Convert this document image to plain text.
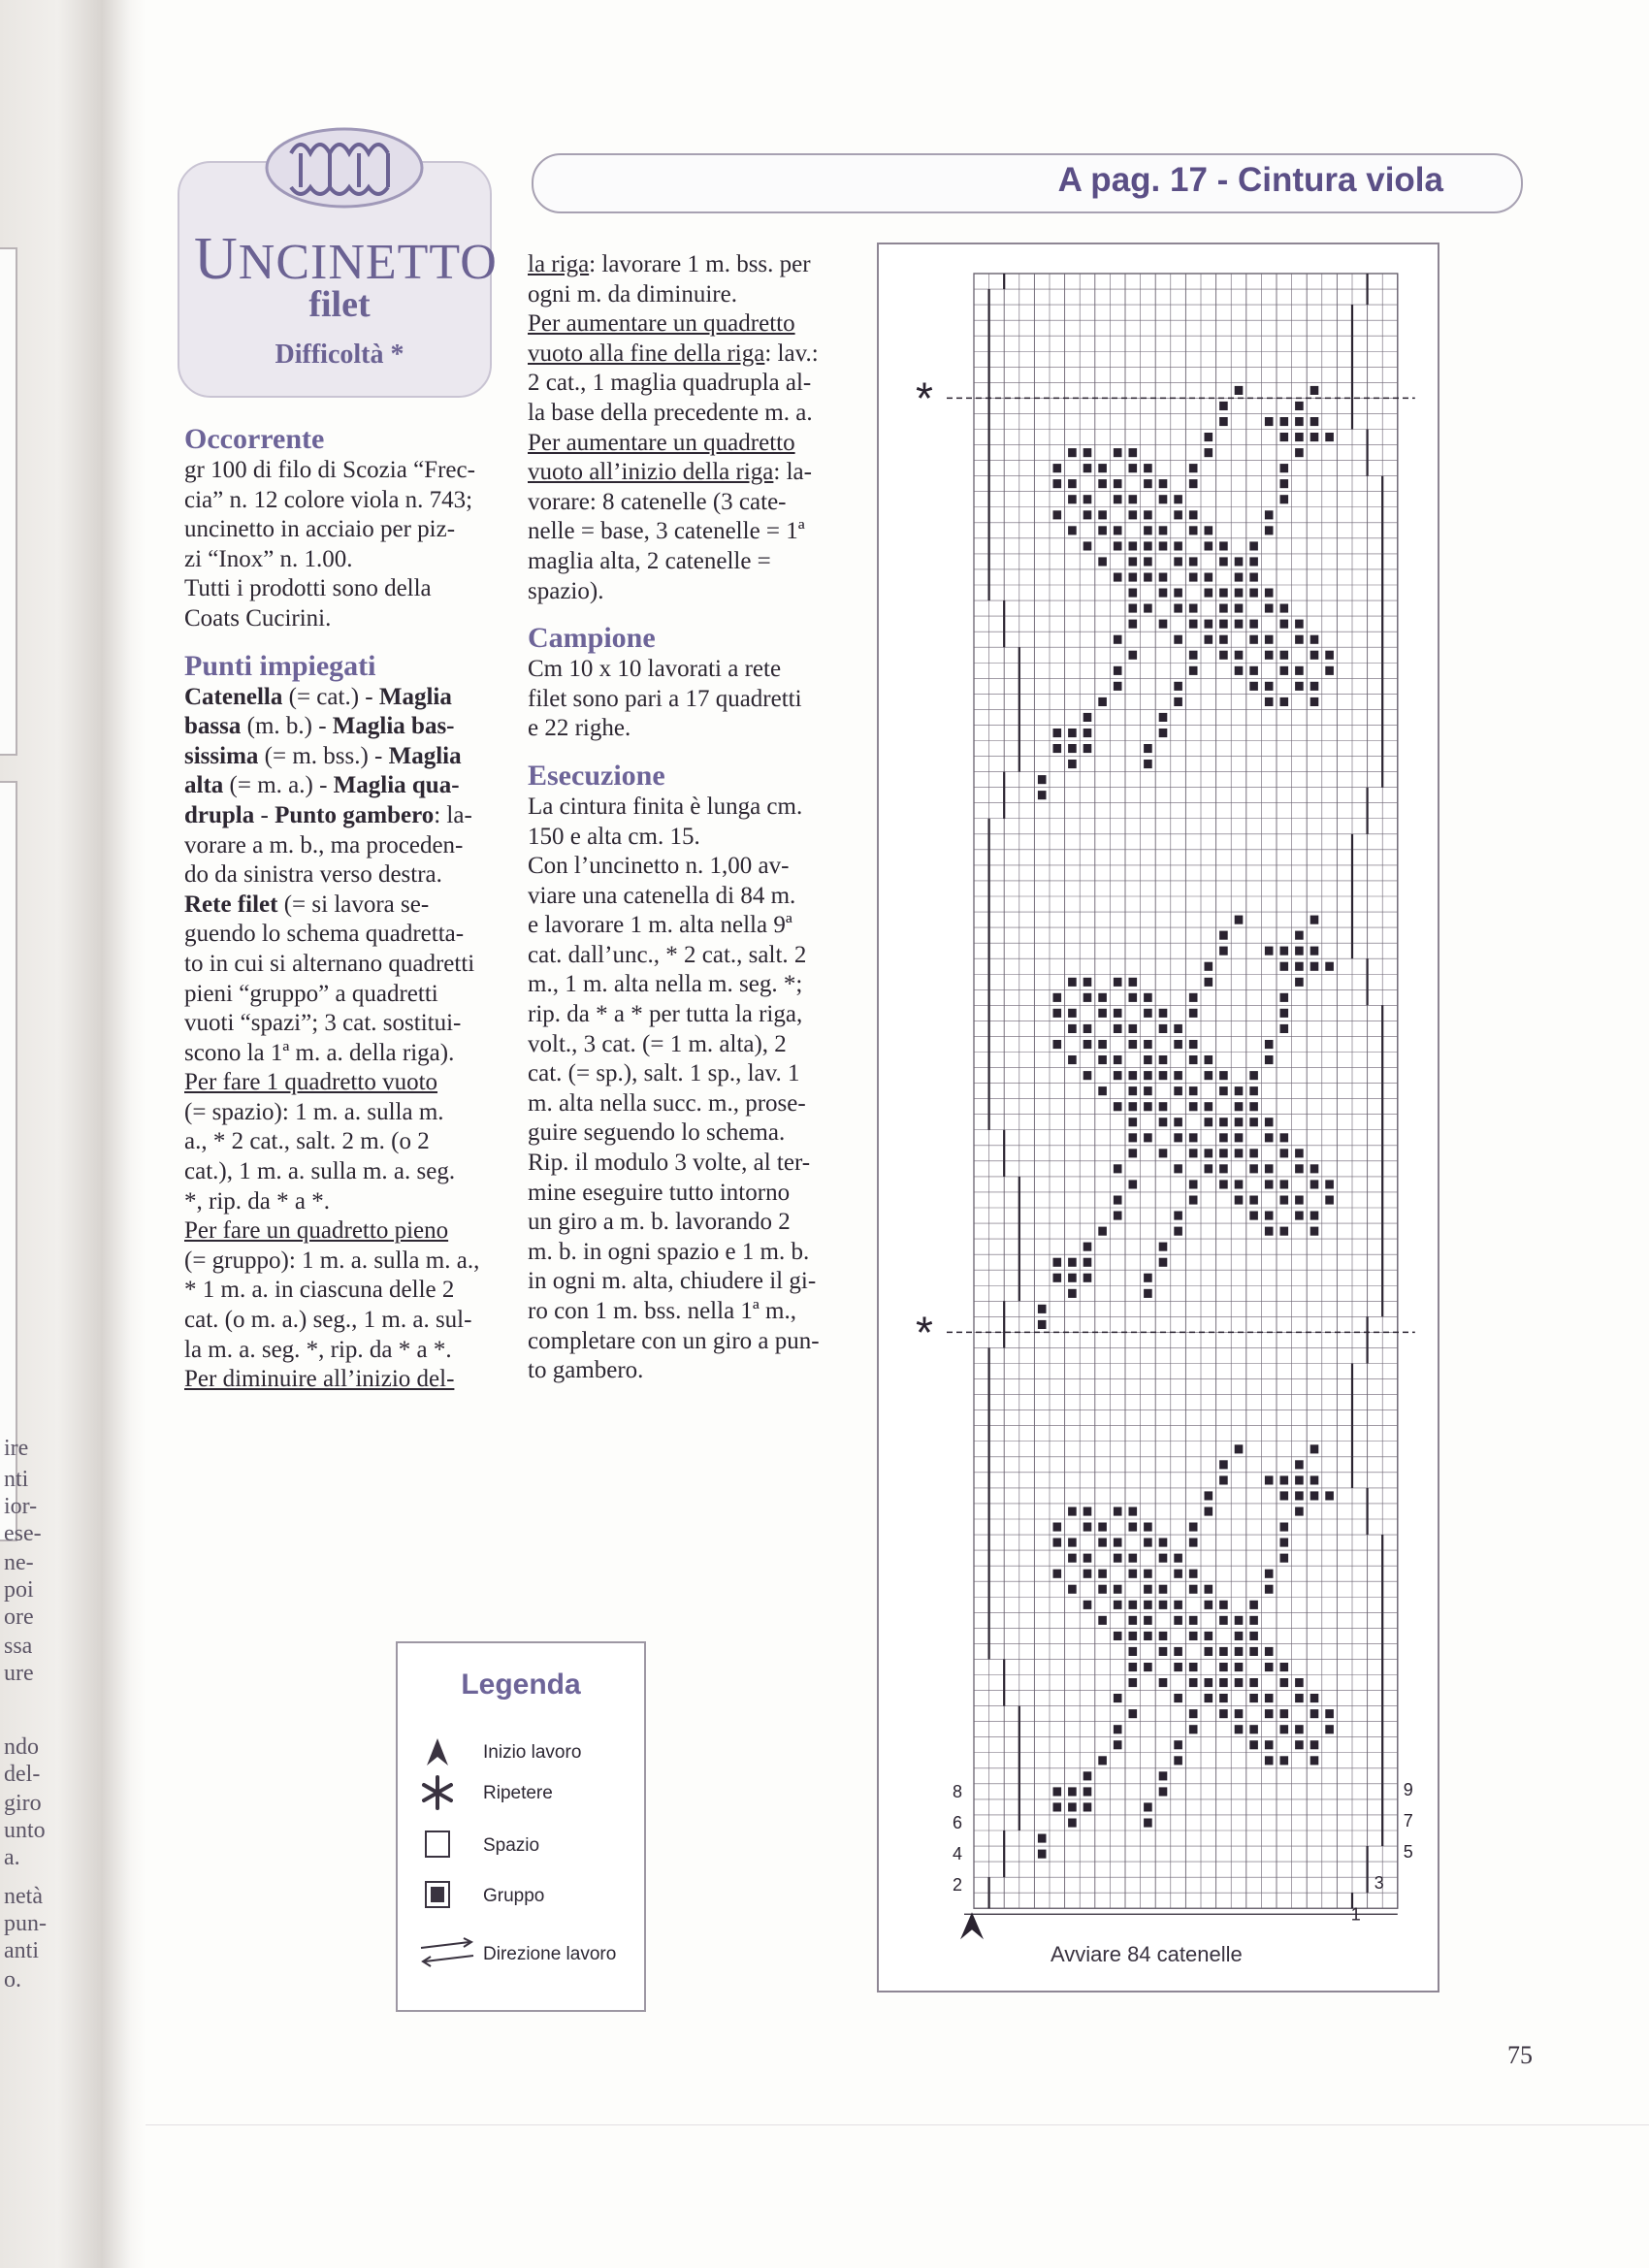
ire
nti
ior-
ese-
ne-
poi
ore
ssa
ure
ndo
del-
giro
unto
a.
netà
pun-
anti
o.
UNCINETTO
filet
Difficoltà *
A pag. 17 - Cintura viola

Occorrente

gr 100 di filo di Scozia “Frec-

cia” n. 12 colore viola n. 743;

uncinetto in acciaio per piz-

zi “Inox” n. 1.00.

Tutti i prodotti sono della

Coats Cucirini.

Punti impiegati

Catenella (= cat.) - Maglia

bassa (m. b.) - Maglia bas-

sissima (= m. bss.) - Maglia

alta (= m. a.) - Maglia qua-

drupla - Punto gambero: la-

vorare a m. b., ma proceden-

do da sinistra verso destra.

Rete filet (= si lavora se-

guendo lo schema quadretta-

to in cui si alternano quadretti

pieni “gruppo” a quadretti

vuoti “spazi”; 3 cat. sostitui-

scono la 1ª m. a. della riga).

Per fare 1 quadretto vuoto

(= spazio): 1 m. a. sulla m.

a., * 2 cat., salt. 2 m. (o 2

cat.), 1 m. a. sulla m. a. seg.

*, rip. da * a *.

Per fare un quadretto pieno

(= gruppo): 1 m. a. sulla m. a.,

* 1 m. a. in ciascuna delle 2

cat. (o m. a.) seg., 1 m. a. sul-

la m. a. seg. *, rip. da * a *.

Per diminuire all’inizio del-

la riga: lavorare 1 m. bss. per

ogni m. da diminuire.

Per aumentare un quadretto

vuoto alla fine della riga: lav.:

2 cat., 1 maglia quadrupla al-

la base della precedente m. a.

Per aumentare un quadretto

vuoto all’inizio della riga: la-

vorare: 8 catenelle (3 cate-

nelle = base, 3 catenelle = 1ª

maglia alta, 2 catenelle =

spazio).

Campione

Cm 10 x 10 lavorati a rete

filet sono pari a 17 quadretti

e 22 righe.

Esecuzione

La cintura finita è lunga cm.

150 e alta cm. 15.

Con l’uncinetto n. 1,00 av-

viare una catenella di 84 m.

e lavorare 1 m. alta nella 9ª

cat. dall’unc., * 2 cat., salt. 2

m., 1 m. alta nella m. seg. *;

rip. da * a * per tutta la riga,

volt., 3 cat. (= 1 m. alta), 2

cat. (= sp.), salt. 1 sp., lav. 1

m. alta nella succ. m., prose-

guire seguendo lo schema.

Rip. il modulo 3 volte, al ter-

mine eseguire tutto intorno

un giro a m. b. lavorando 2

m. b. in ogni spazio e 1 m. b.

in ogni m. alta, chiudere il gi-

ro con 1 m. bss. nella 1ª m.,

completare con un giro a pun-

to gambero.

*
*
8
6
4
2
9
7
5
3
1
Avviare 84 catenelle
Legenda
Inizio lavoro
Ripetere
Spazio
Gruppo
Direzione lavoro
75
